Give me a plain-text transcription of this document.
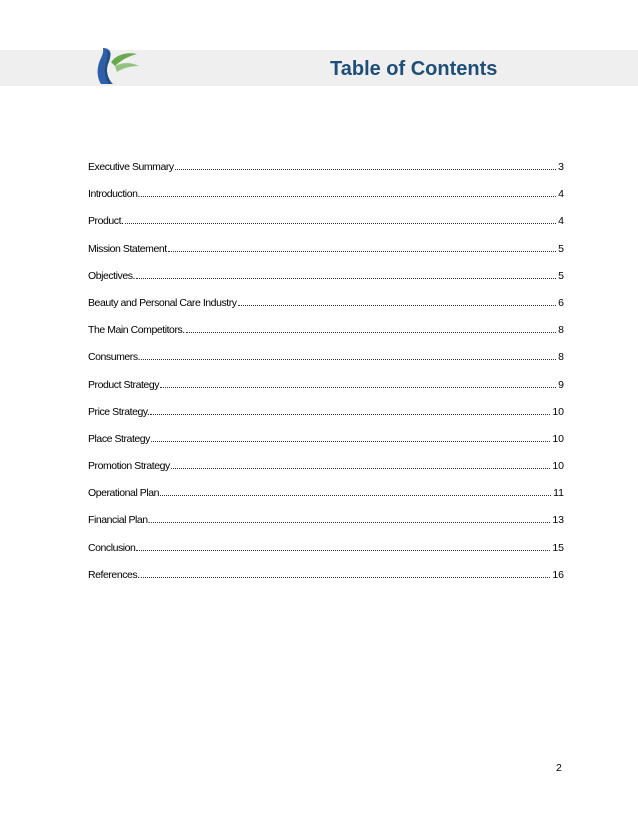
Table of Contents
Executive Summary	3
Introduction.	4
Product.	4
Mission Statement	5
Objectives.	5
Beauty and Personal Care Industry	6
The Main Competitors.	8
Consumers.	8
Product Strategy	9
Price Strategy.	10
Place Strategy	10
Promotion Strategy	10
Operational Plan	11
Financial Plan.	13
Conclusion	15
References.	16
2
